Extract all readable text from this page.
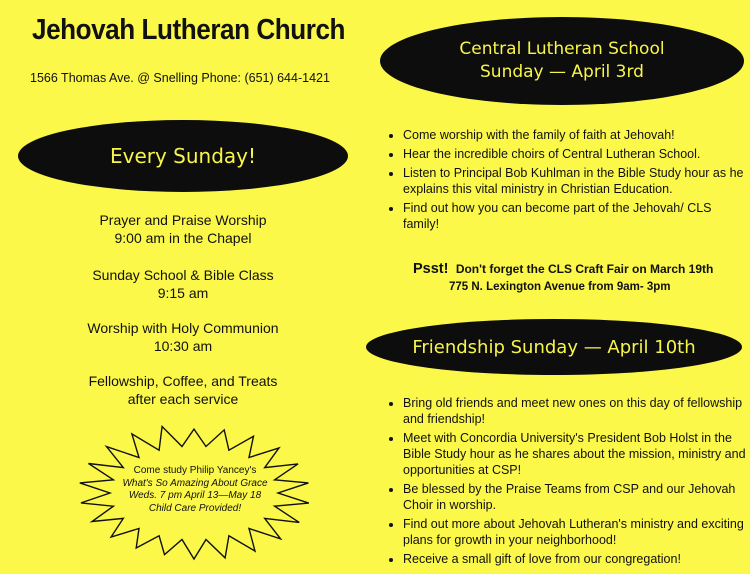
Jehovah Lutheran Church
1566 Thomas Ave. @ Snelling Phone: (651) 644-1421
Central Lutheran School
Sunday — April 3rd
Every Sunday!
Prayer and Praise Worship
9:00 am in the Chapel
Sunday School & Bible Class
9:15 am
Worship with Holy Communion
10:30 am
Fellowship, Coffee, and Treats
after each service
• Come worship with the family of faith at Jehovah!
• Hear the incredible choirs of Central Lutheran School.
• Listen to Principal Bob Kuhlman in the Bible Study hour as he explains this vital ministry in Christian Education.
• Find out how you can become part of the Jehovah/ CLS family!
Psst! Don't forget the CLS Craft Fair on March 19th
775 N. Lexington Avenue from 9am- 3pm
Friendship Sunday — April 10th
• Bring old friends and meet new ones on this day of fellowship and friendship!
• Meet with Concordia University's President Bob Holst in the Bible Study hour as he shares about the mission, ministry and opportunities at CSP!
• Be blessed by the Praise Teams from CSP and our Jehovah Choir in worship.
• Find out more about Jehovah Lutheran's ministry and exciting plans for growth in your neighborhood!
• Receive a small gift of love from our congregation!
Come study Philip Yancey's
What's So Amazing About Grace
Weds. 7 pm April 13—May 18
Child Care Provided!
